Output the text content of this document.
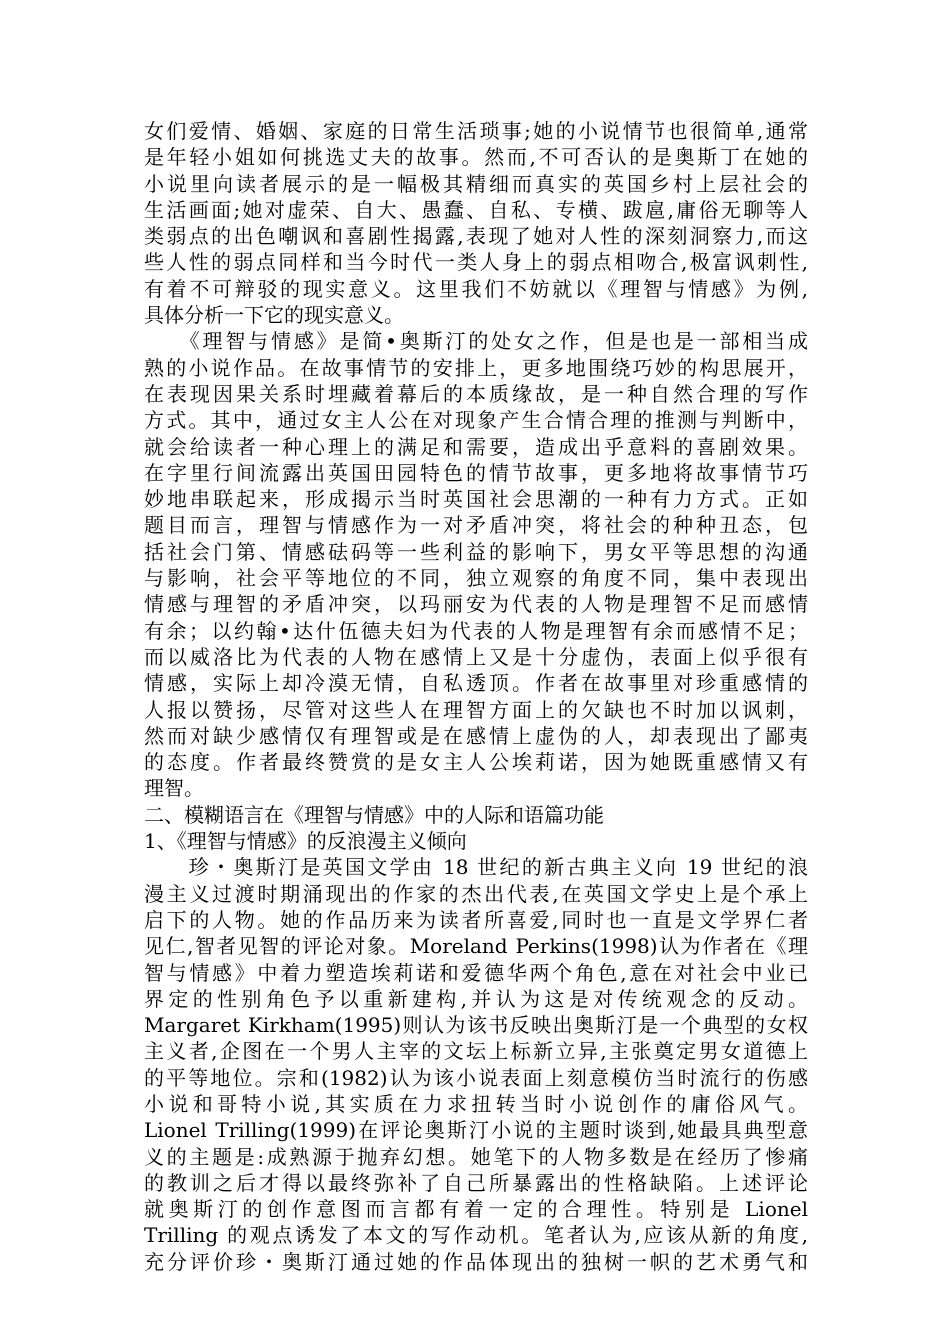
女们爱情、婚姻、家庭的日常生活琐事;她的小说情节也很简单,通常
是年轻小姐如何挑选丈夫的故事。然而,不可否认的是奥斯丁在她的
小说里向读者展示的是一幅极其精细而真实的英国乡村上层社会的
生活画面;她对虚荣、自大、愚蠢、自私、专横、跋扈,庸俗无聊等人
类弱点的出色嘲讽和喜剧性揭露,表现了她对人性的深刻洞察力,而这
些人性的弱点同样和当今时代一类人身上的弱点相吻合,极富讽刺性,
有着不可辩驳的现实意义。这里我们不妨就以《理智与情感》为例,
具体分析一下它的现实意义。
　　《理智与情感》是简•奥斯汀的处女之作，但是也是一部相当成
熟的小说作品。在故事情节的安排上，更多地围绕巧妙的构思展开，
在表现因果关系时埋藏着幕后的本质缘故，是一种自然合理的写作
方式。其中，通过女主人公在对现象产生合情合理的推测与判断中，
就会给读者一种心理上的满足和需要，造成出乎意料的喜剧效果。
在字里行间流露出英国田园特色的情节故事，更多地将故事情节巧
妙地串联起来，形成揭示当时英国社会思潮的一种有力方式。正如
题目而言，理智与情感作为一对矛盾冲突，将社会的种种丑态，包
括社会门第、情感砝码等一些利益的影响下，男女平等思想的沟通
与影响，社会平等地位的不同，独立观察的角度不同，集中表现出
情感与理智的矛盾冲突，以玛丽安为代表的人物是理智不足而感情
有余；以约翰•达什伍德夫妇为代表的人物是理智有余而感情不足；
而以威洛比为代表的人物在感情上又是十分虚伪，表面上似乎很有
情感，实际上却冷漠无情，自私透顶。作者在故事里对珍重感情的
人报以赞扬，尽管对这些人在理智方面上的欠缺也不时加以讽刺，
然而对缺少感情仅有理智或是在感情上虚伪的人，却表现出了鄙夷
的态度。作者最终赞赏的是女主人公埃莉诺，因为她既重感情又有
理智。
二、模糊语言在《理智与情感》中的人际和语篇功能
1、《理智与情感》的反浪漫主义倾向
　　珍・奥斯汀是英国文学由 18 世纪的新古典主义向 19 世纪的浪
漫主义过渡时期涌现出的作家的杰出代表,在英国文学史上是个承上
启下的人物。她的作品历来为读者所喜爱,同时也一直是文学界仁者
见仁,智者见智的评论对象。Moreland Perkins(1998)认为作者在《理
智与情感》中着力塑造埃莉诺和爱德华两个角色,意在对社会中业已
界定的性别角色予以重新建构,并认为这是对传统观念的反动。
Margaret Kirkham(1995)则认为该书反映出奥斯汀是一个典型的女权
主义者,企图在一个男人主宰的文坛上标新立异,主张奠定男女道德上
的平等地位。宗和(1982)认为该小说表面上刻意模仿当时流行的伤感
小说和哥特小说,其实质在力求扭转当时小说创作的庸俗风气。
Lionel Trilling(1999)在评论奥斯汀小说的主题时谈到,她最具典型意
义的主题是:成熟源于抛弃幻想。她笔下的人物多数是在经历了惨痛
的教训之后才得以最终弥补了自己所暴露出的性格缺陷。上述评论
就奥斯汀的创作意图而言都有着一定的合理性。特别是 Lionel
Trilling 的观点诱发了本文的写作动机。笔者认为,应该从新的角度,
充分评价珍・奥斯汀通过她的作品体现出的独树一帜的艺术勇气和
